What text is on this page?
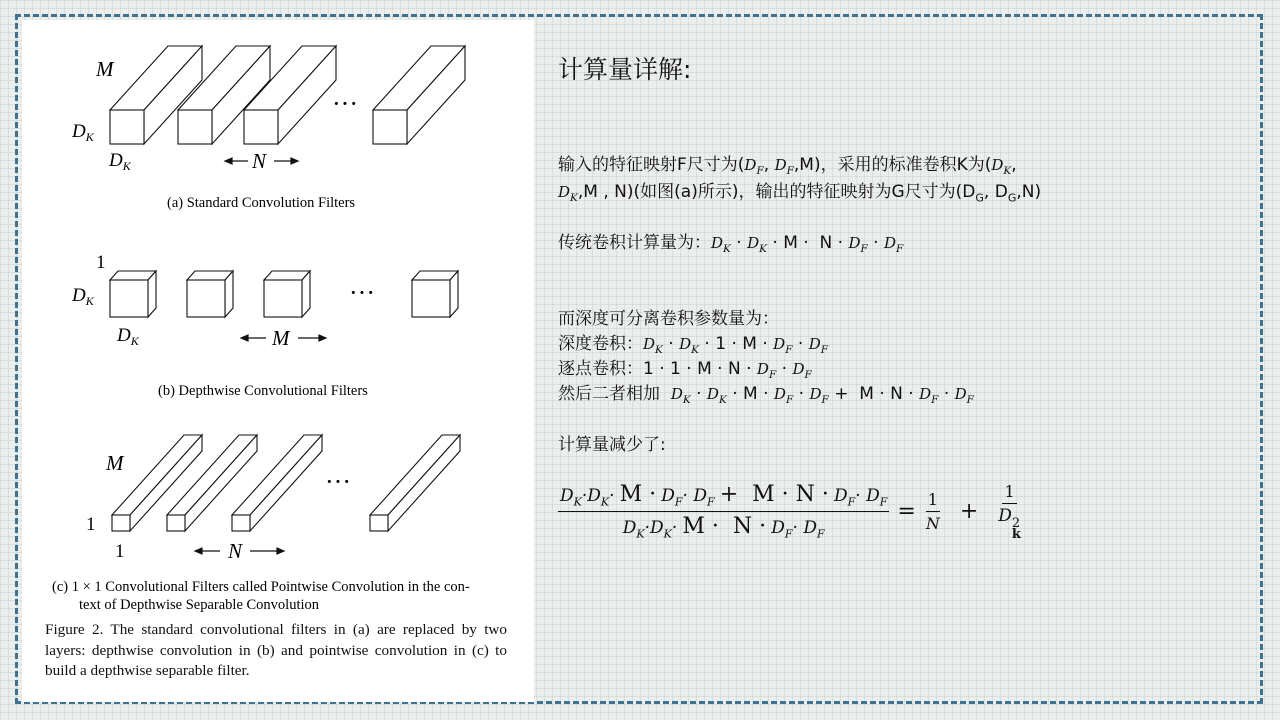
M
$D_K$
$D_K$
···
N
(a) Standard Convolution Filters
1
$D_K$
$D_K$
···
M
(b) Depthwise Convolutional Filters
M
1
1
···
N
(c) 1 × 1 Convolutional Filters called Pointwise Convolution in the con-
text of Depthwise Separable Convolution

Figure 2. The standard convolutional filters in (a) are replaced by two layers: depthwise convolution in (b) and pointwise convolution in (c) to build a depthwise separable filter.

计算量详解:

输入的特征映射F尺寸为($D_F$, $D_F,M$)，采用的标准卷积K为($D_K$,

$D_K,M$ , N)(如图(a)所示)，输出的特征映射为G尺寸为($D_G$, $D_G,N$)

传统卷积计算量为：$D_K \cdot D_K \cdot M \cdot N \cdot D_F \cdot D_F$

而深度可分离卷积参数量为：

深度卷积：$D_K \cdot D_K \cdot 1 \cdot M \cdot D_F \cdot D_F$

逐点卷积：$1 \cdot 1 \cdot M \cdot N \cdot D_F \cdot D_F$

然后二者相加 $D_K \cdot D_K \cdot M \cdot D_F \cdot D_F + M \cdot N \cdot D_F \cdot D_F$

计算量减少了:

$\frac{D_K\cdot D_K\cdot M \cdot D_F\cdot D_F + M \cdot N \cdot D_F\cdot D_F}{D_K\cdot D_K\cdot M \cdot N \cdot D_F\cdot D_F} = \frac{1}{N} + 1$
D 2
k
